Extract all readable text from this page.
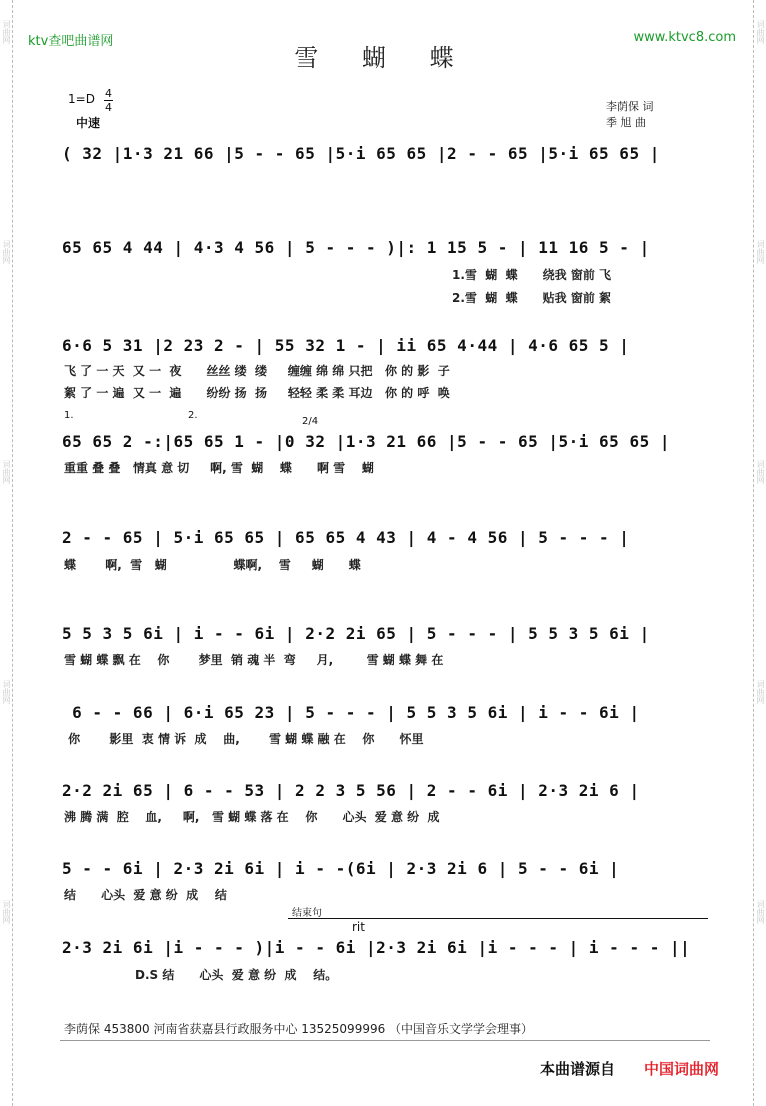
词曲网
词曲网
词曲网
词曲网
词曲网
词曲网
词曲网
词曲网
词曲网
词曲网
ktv查吧曲谱网	www.ktvc8.com
雪 蝴 蝶
1=D 4
4
中速
李荫保 词
季 旭 曲
( 32 |1·3 21 66 |5 - - 65 |5·i 65 65 |2 - - 65 |5·i 65 65 |
65 65 4 44 | 4·3 4 56 | 5 - - - )|: 1 15 5 - | 11 16 5 - |
1.雪  蝴  蝶      绕我 窗前 飞
2.雪  蝴  蝶      贴我 窗前 絮
6·6 5 31 |2 23 2 - | 55 32 1 - | ii 65 4·44 | 4·6 65 5 |
飞 了 一 天  又 一  夜      丝丝 缕  缕     缠缠 绵 绵 只把   你 的 影  子
絮 了 一 遍  又 一  遍      纷纷 扬  扬     轻轻 柔 柔 耳边   你 的 呼  唤
1.	2.
2/4
65 65 2 -:|65 65 1 - |0 32 |1·3 21 66 |5 - - 65 |5·i 65 65 |
重重 叠 叠   情真 意 切     啊, 雪  蝴    蝶      啊 雪    蝴
2 - - 65 | 5·i 65 65 | 65 65 4 43 | 4 - 4 56 | 5 - - - |
蝶       啊,  雪   蝴                蝶啊,    雪     蝴      蝶
5 5 3 5 6i | i - - 6i | 2·2 2i 65 | 5 - - - | 5 5 3 5 6i |
雪 蝴 蝶 飘 在    你       梦里  销 魂 半  弯     月,        雪 蝴 蝶 舞 在
6 - - 66 | 6·i 65 23 | 5 - - - | 5 5 3 5 6i | i - - 6i |
你       影里  衷 情 诉  成    曲,       雪 蝴 蝶 融 在    你      怀里
2·2 2i 65 | 6 - - 53 | 2 2 3 5 56 | 2 - - 6i | 2·3 2i 6 |
沸 腾 满  腔    血,     啊,   雪 蝴 蝶 落 在    你      心头  爱 意 纷  成
5 - - 6i | 2·3 2i 6i | i - -(6i | 2·3 2i 6 | 5 - - 6i |
结      心头  爱 意 纷  成    结
结束句
rit
2·3 2i 6i |i - - - )|i - - 6i |2·3 2i 6i |i - - - | i - - - ||
D.S 结      心头  爱 意 纷  成    结。
李荫保 453800 河南省获嘉县行政服务中心 13525099996 （中国音乐文学学会理事）
本曲谱源自 中国词曲网
